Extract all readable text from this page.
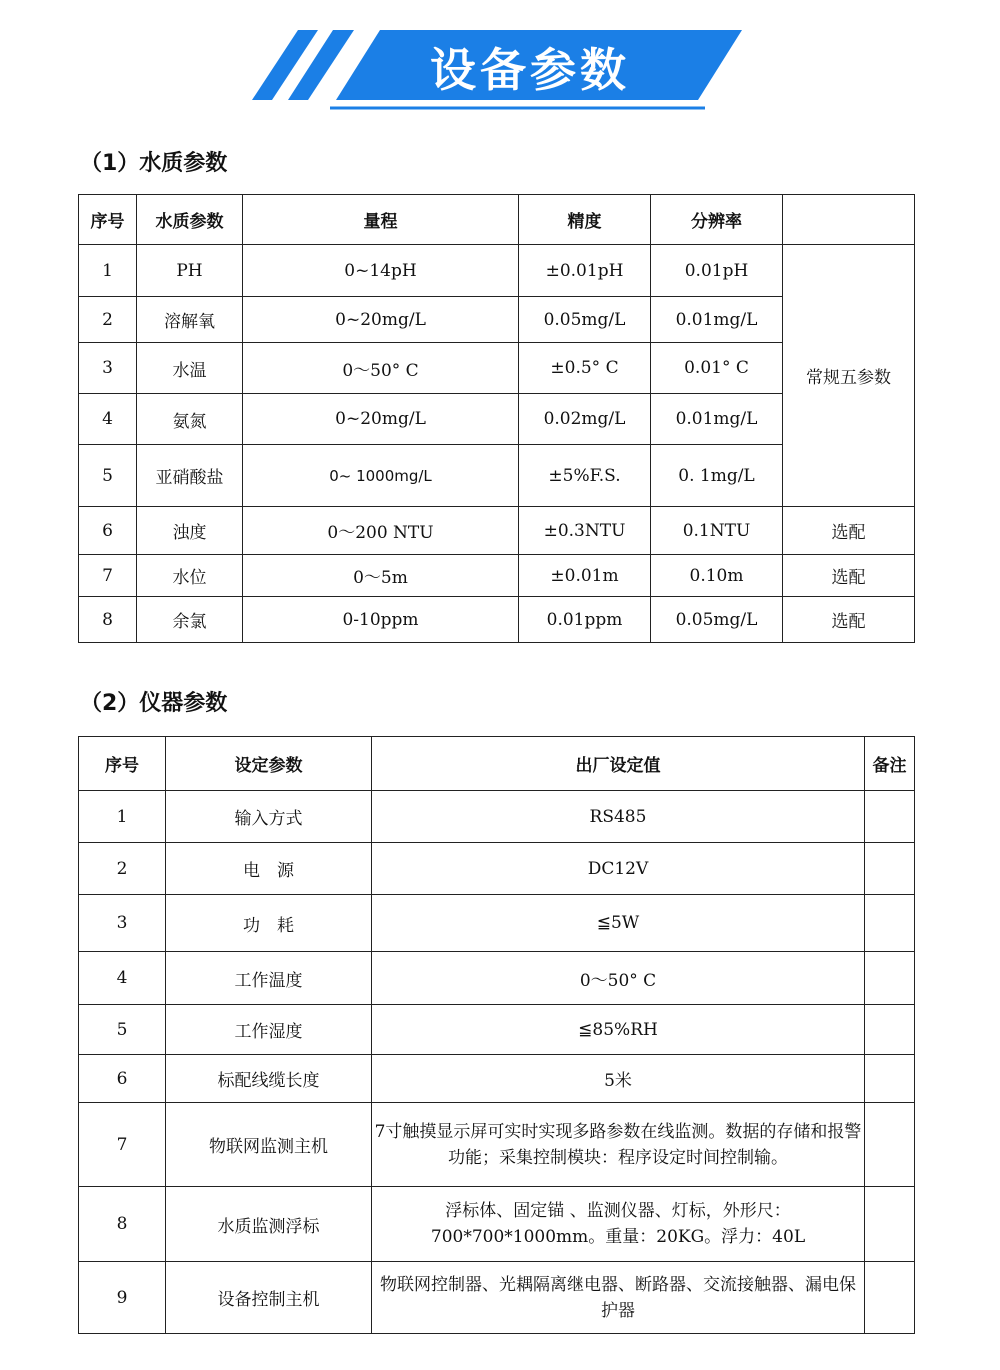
设备参数
（1）水质参数
序号	水质参数	量程	精度	分辨率	
1	PH	0~14pH	±0.01pH	0.01pH	常规五参数
2	溶解氧	0~20mg/L	0.05mg/L	0.01mg/L	
3	水温	0～50° C	±0.5° C	0.01° C	
4	氨氮	0~20mg/L	0.02mg/L	0.01mg/L	
5	亚硝酸盐	0~ 1000mg/L	±5%F.S.	0. 1mg/L	
6	浊度	0～200 NTU	±0.3NTU	0.1NTU	选配
7	水位	0～5m	±0.01m	0.10m	选配
8	余氯	0-10ppm	0.01ppm	0.05mg/L	选配
（2）仪器参数
序号	设定参数	出厂设定值	备注
1	输入方式	RS485	
2	电　源	DC12V	
3	功　耗	≦5W	
4	工作温度	0～50° C	
5	工作湿度	≦85%RH	
6	标配线缆长度	5米	
7	物联网监测主机	7寸触摸显示屏可实时实现多路参数在线监测。数据的存储和报警功能；采集控制模块：程序设定时间控制输。	
8	水质监测浮标	浮标体、固定锚 、监测仪器、灯标，外形尺：700*700*1000mm。重量：20KG。浮力：40L	
9	设备控制主机	物联网控制器、光耦隔离继电器、断路器、交流接触器、漏电保护器	
